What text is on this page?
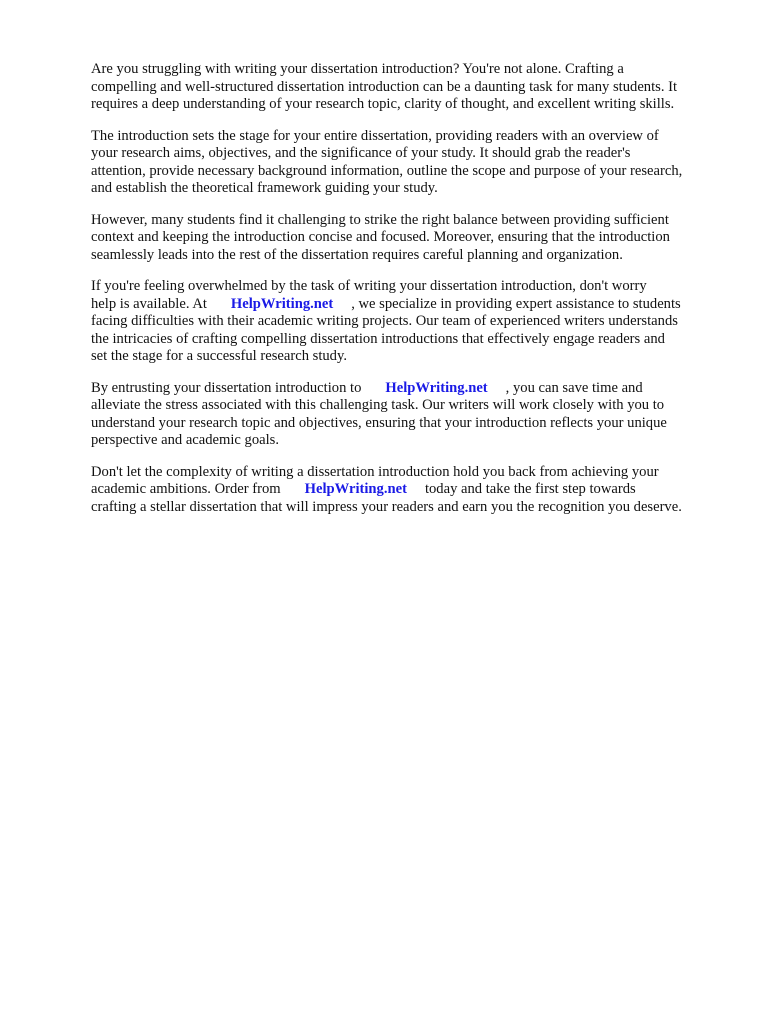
Are you struggling with writing your dissertation introduction? You're not alone. Crafting a
compelling and well-structured dissertation introduction can be a daunting task for many students. It
requires a deep understanding of your research topic, clarity of thought, and excellent writing skills.

The introduction sets the stage for your entire dissertation, providing readers with an overview of
your research aims, objectives, and the significance of your study. It should grab the reader's
attention, provide necessary background information, outline the scope and purpose of your research,
and establish the theoretical framework guiding your study.

However, many students find it challenging to strike the right balance between providing sufficient
context and keeping the introduction concise and focused. Moreover, ensuring that the introduction
seamlessly leads into the rest of the dissertation requires careful planning and organization.

If you're feeling overwhelmed by the task of writing your dissertation introduction, don't worry
help is available. At HelpWriting.net , we specialize in providing expert assistance to students
facing difficulties with their academic writing projects. Our team of experienced writers understands
the intricacies of crafting compelling dissertation introductions that effectively engage readers and
set the stage for a successful research study.

By entrusting your dissertation introduction to HelpWriting.net , you can save time and
alleviate the stress associated with this challenging task. Our writers will work closely with you to
understand your research topic and objectives, ensuring that your introduction reflects your unique
perspective and academic goals.

Don't let the complexity of writing a dissertation introduction hold you back from achieving your
academic ambitions. Order from HelpWriting.net today and take the first step towards
crafting a stellar dissertation that will impress your readers and earn you the recognition you deserve.
